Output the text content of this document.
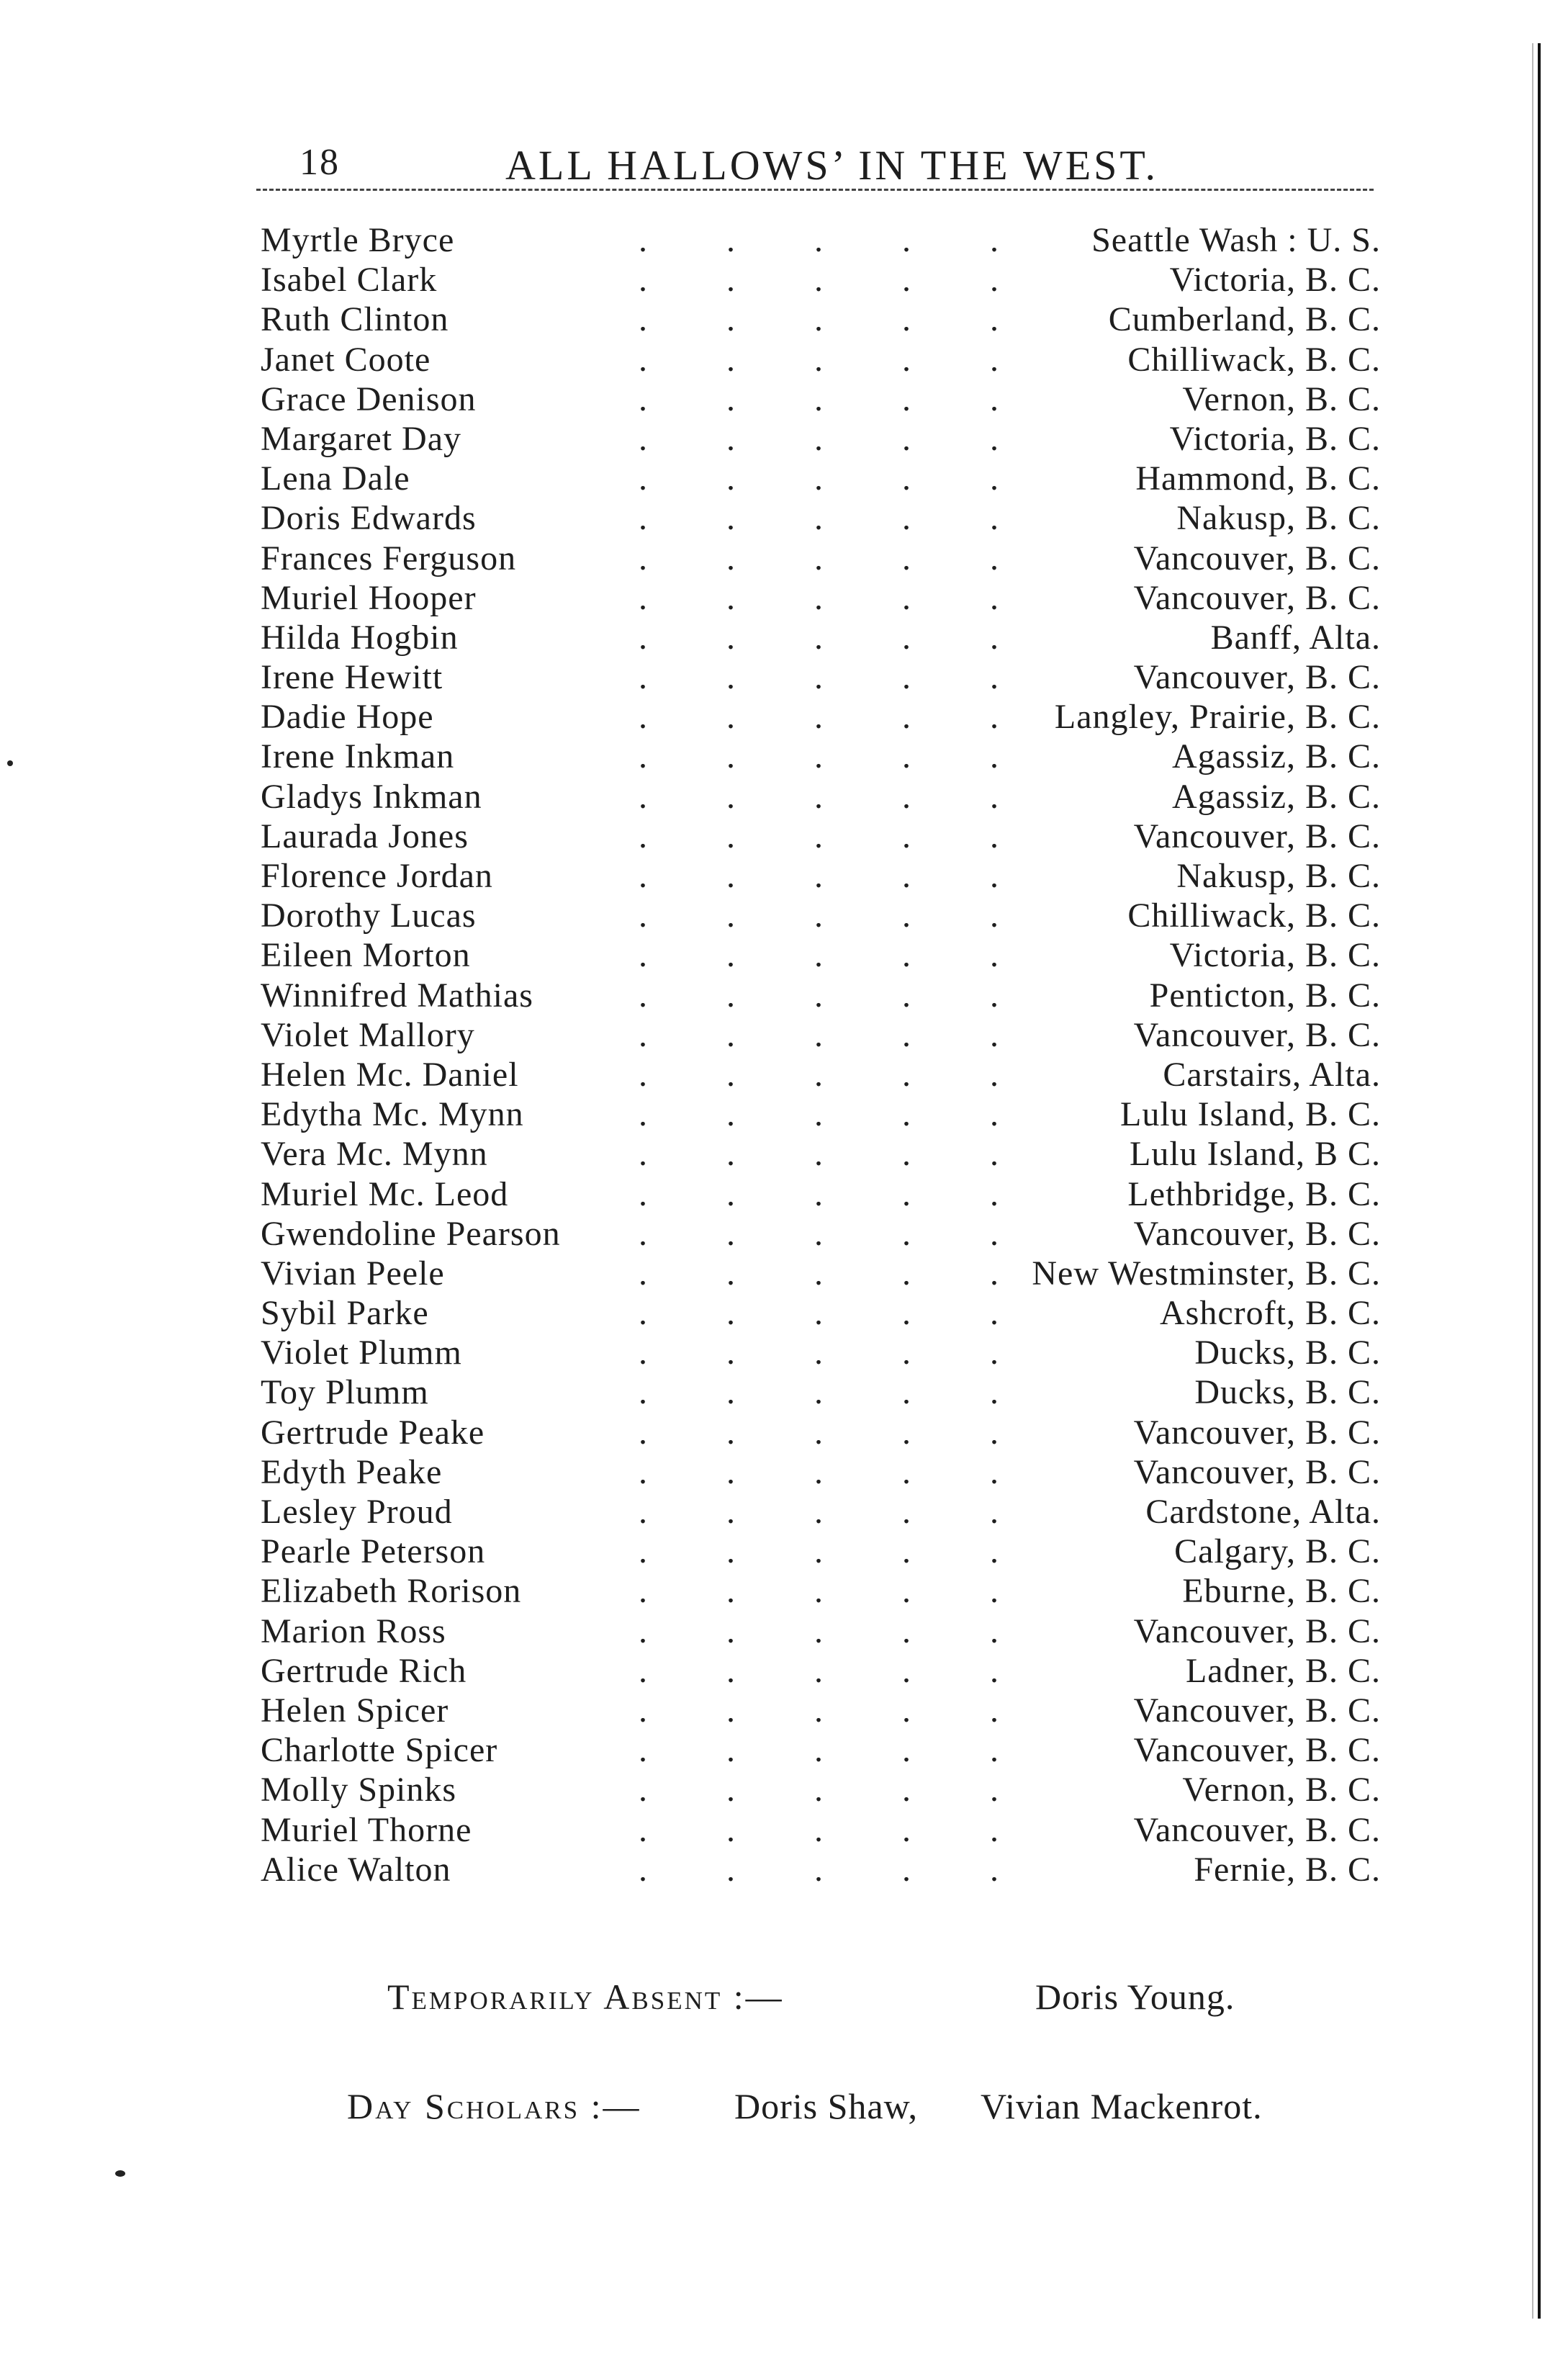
18	ALL HALLOWS’ IN THE WEST.
Myrtle Bryce	. . . . .	Seattle Wash : U. S.
Isabel Clark	. . . . .	Victoria, B. C.
Ruth Clinton	. . . . .	Cumberland, B. C.
Janet Coote	. . . . .	Chilliwack, B. C.
Grace Denison	. . . . .	Vernon, B. C.
Margaret Day	. . . . .	Victoria, B. C.
Lena Dale	. . . . .	Hammond, B. C.
Doris Edwards	. . . . .	Nakusp, B. C.
Frances Ferguson	. . . . .	Vancouver, B. C.
Muriel Hooper	. . . . .	Vancouver, B. C.
Hilda Hogbin	. . . . .	Banff, Alta.
Irene Hewitt	. . . . .	Vancouver, B. C.
Dadie Hope	. . . . .	Langley, Prairie, B. C.
Irene Inkman	. . . . .	Agassiz, B. C.
Gladys Inkman	. . . . .	Agassiz, B. C.
Laurada Jones	. . . . .	Vancouver, B. C.
Florence Jordan	. . . . .	Nakusp, B. C.
Dorothy Lucas	. . . . .	Chilliwack, B. C.
Eileen Morton	. . . . .	Victoria, B. C.
Winnifred Mathias	. . . . .	Penticton, B. C.
Violet Mallory	. . . . .	Vancouver, B. C.
Helen Mc. Daniel	. . . . .	Carstairs, Alta.
Edytha Mc. Mynn	. . . . .	Lulu Island, B. C.
Vera Mc. Mynn	. . . . .	Lulu Island, B C.
Muriel Mc. Leod	. . . . .	Lethbridge, B. C.
Gwendoline Pearson	. . . . .	Vancouver, B. C.
Vivian Peele	. . . . . New Westminster, B. C.
Sybil Parke	. . . . .	Ashcroft, B. C.
Violet Plumm	. . . . .	Ducks, B. C.
Toy Plumm	. . . . .	Ducks, B. C.
Gertrude Peake	. . . . .	Vancouver, B. C.
Edyth Peake	. . . . .	Vancouver, B. C.
Lesley Proud	. . . . .	Cardstone, Alta.
Pearle Peterson	. . . . .	Calgary, B. C.
Elizabeth Rorison	. . . . .	Eburne, B. C.
Marion Ross	. . . . .	Vancouver, B. C.
Gertrude Rich	. . . . .	Ladner, B. C.
Helen Spicer	. . . . .	Vancouver, B. C.
Charlotte Spicer	. . . . .	Vancouver, B. C.
Molly Spinks	. . . . .	Vernon, B. C.
Muriel Thorne	. . . . .	Vancouver, B. C.
Alice Walton	. . . . .	Fernie, B. C.
Temporarily Absent :—	Doris Young.
Day Scholars :—	Doris Shaw, Vivian Mackenrot.
